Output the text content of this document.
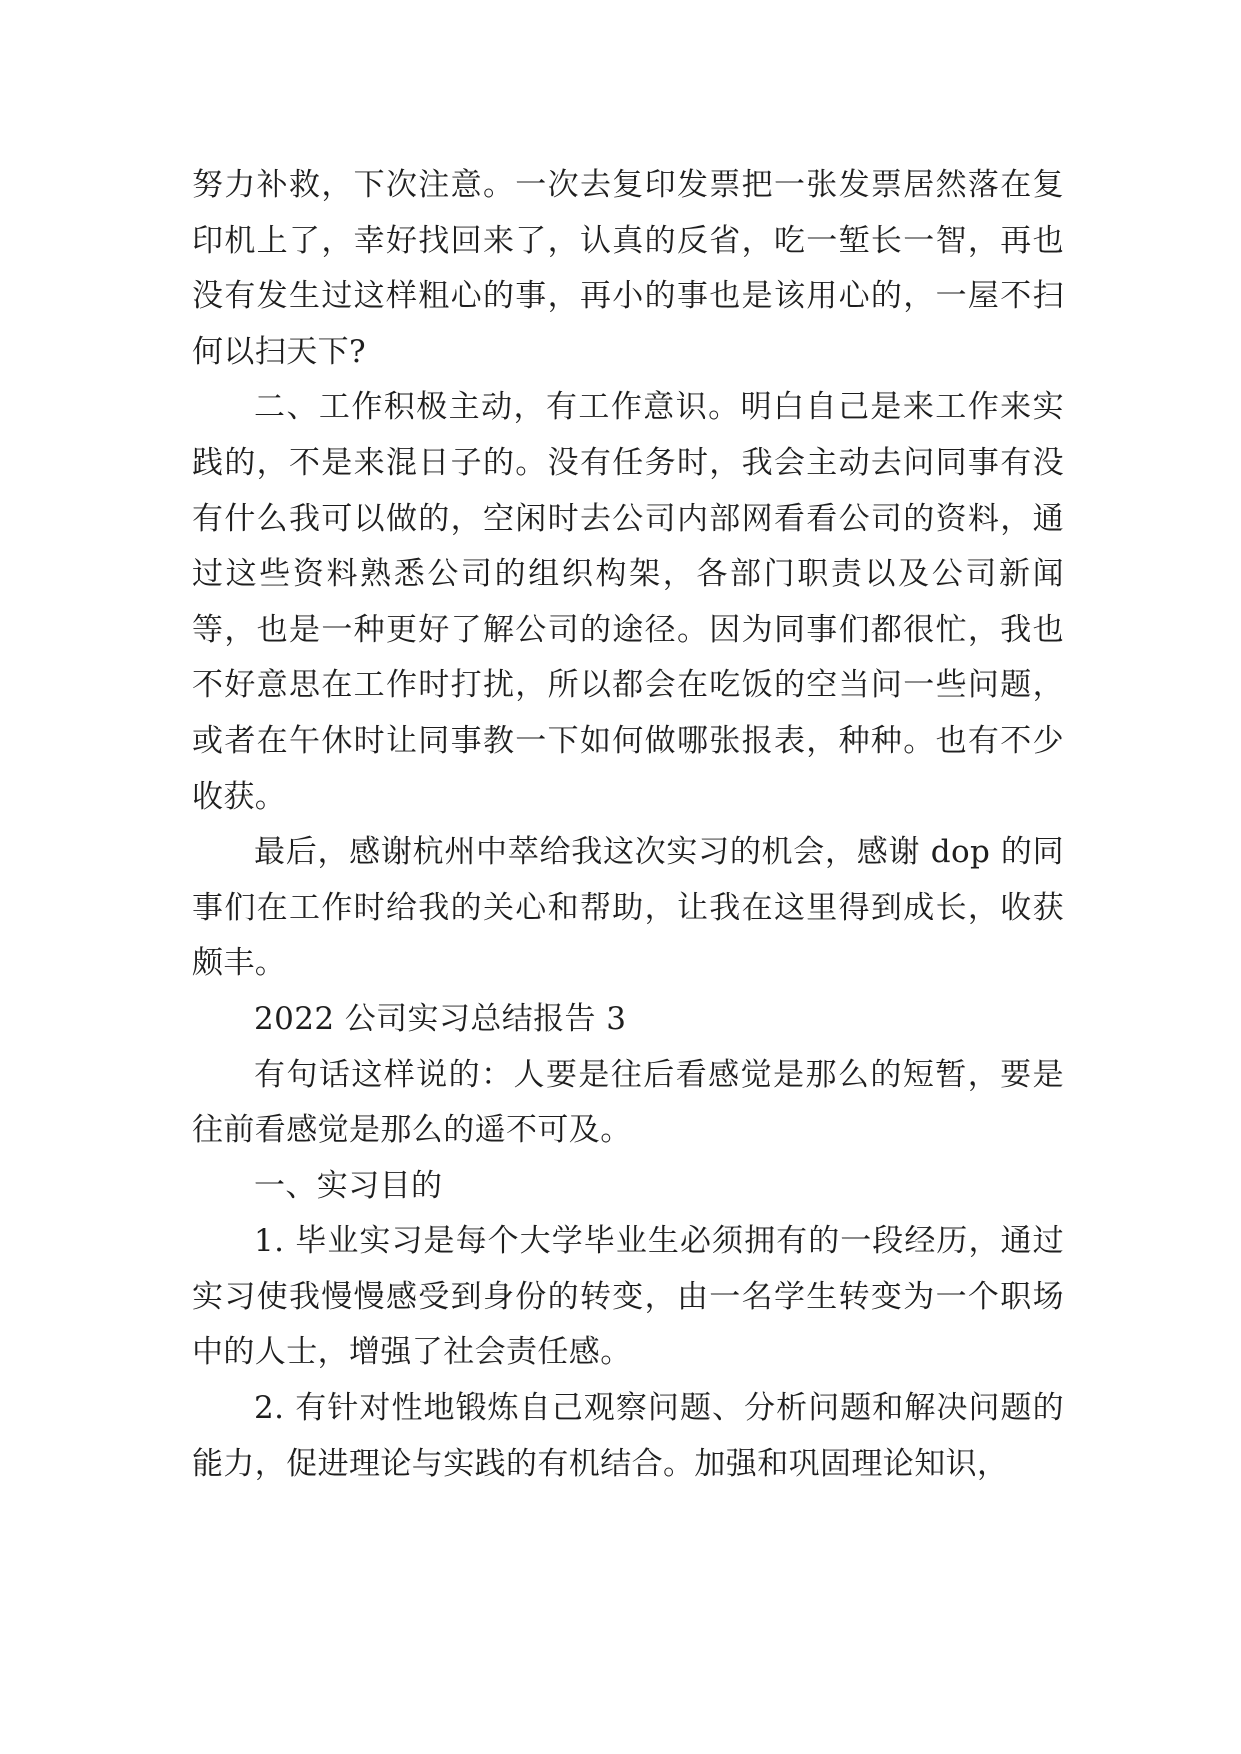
努力补救，下次注意。一次去复印发票把一张发票居然落在复印机上了，幸好找回来了，认真的反省，吃一堑长一智，再也没有发生过这样粗心的事，再小的事也是该用心的，一屋不扫何以扫天下?

二、工作积极主动，有工作意识。明白自己是来工作来实践的，不是来混日子的。没有任务时，我会主动去问同事有没有什么我可以做的，空闲时去公司内部网看看公司的资料，通过这些资料熟悉公司的组织构架，各部门职责以及公司新闻等，也是一种更好了解公司的途径。因为同事们都很忙，我也不好意思在工作时打扰，所以都会在吃饭的空当问一些问题，或者在午休时让同事教一下如何做哪张报表，种种。也有不少收获。

最后，感谢杭州中萃给我这次实习的机会，感谢 dop 的同事们在工作时给我的关心和帮助，让我在这里得到成长，收获颇丰。

2022 公司实习总结报告 3

有句话这样说的：人要是往后看感觉是那么的短暂，要是往前看感觉是那么的遥不可及。

一、实习目的

1. 毕业实习是每个大学毕业生必须拥有的一段经历，通过实习使我慢慢感受到身份的转变，由一名学生转变为一个职场中的人士，增强了社会责任感。

2. 有针对性地锻炼自己观察问题、分析问题和解决问题的能力，促进理论与实践的有机结合。加强和巩固理论知识，
